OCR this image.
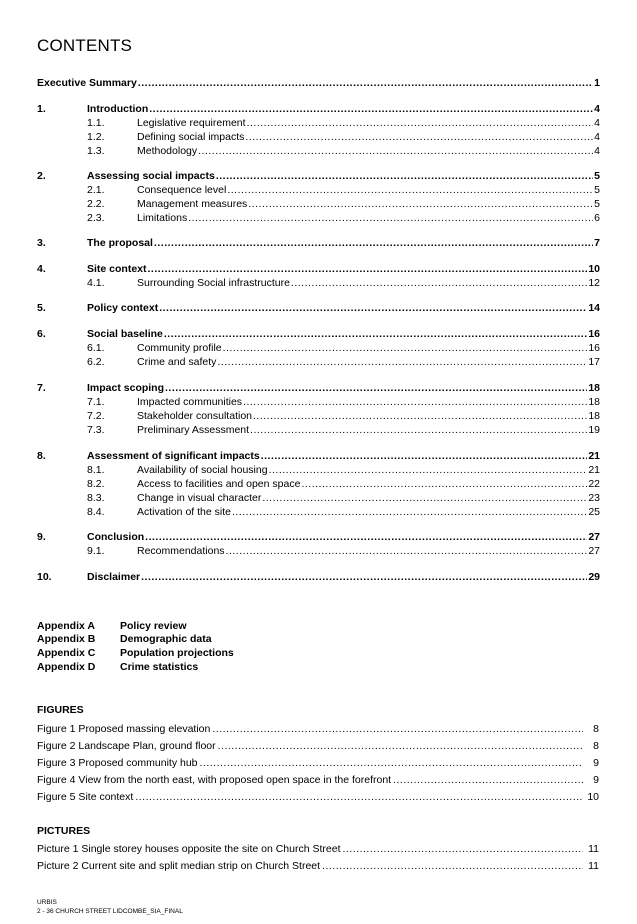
CONTENTS
Executive Summary .....	1
1.	Introduction .....	4
1.1.	Legislative requirement .....	4
1.2.	Defining social impacts .....	4
1.3.	Methodology .....	4
2.	Assessing social impacts .....	5
2.1.	Consequence level .....	5
2.2.	Management measures .....	5
2.3.	Limitations .....	6
3.	The proposal .....	7
4.	Site context .....	10
4.1.	Surrounding Social infrastructure .....	12
5.	Policy context .....	14
6.	Social baseline .....	16
6.1.	Community profile .....	16
6.2.	Crime and safety .....	17
7.	Impact scoping .....	18
7.1.	Impacted communities .....	18
7.2.	Stakeholder consultation .....	18
7.3.	Preliminary Assessment .....	19
8.	Assessment of significant impacts .....	21
8.1.	Availability of social housing .....	21
8.2.	Access to facilities and open space .....	22
8.3.	Change in visual character .....	23
8.4.	Activation of the site .....	25
9.	Conclusion .....	27
9.1.	Recommendations .....	27
10.	Disclaimer .....	29
Appendix A	Policy review
Appendix B	Demographic data
Appendix C	Population projections
Appendix D	Crime statistics
FIGURES
Figure 1 Proposed massing elevation .....	8
Figure 2 Landscape Plan, ground floor .....	8
Figure 3 Proposed community hub .....	9
Figure 4 View from the north east, with proposed open space in the forefront .....	9
Figure 5 Site context .....	10
PICTURES
Picture 1 Single storey houses opposite the site on Church Street .....	11
Picture 2 Current site and split median strip on Church Street .....	11
URBIS
2 - 36 CHURCH STREET LIDCOMBE_SIA_FINAL
